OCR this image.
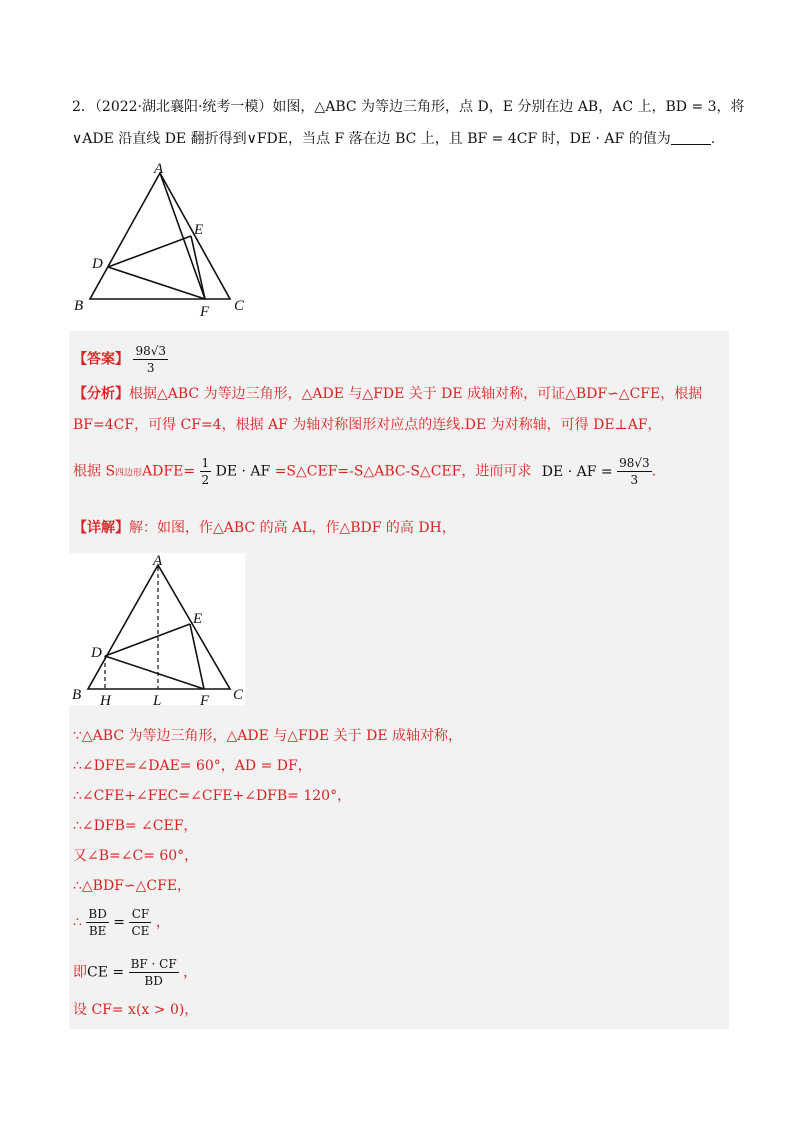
2．（2022·湖北襄阳·统考一模）如图，△ABC 为等边三角形，点 D，E 分别在边 AB，AC 上，BD = 3，将
∨ADE 沿直线 DE 翻折得到∨FDE，当点 F 落在边 BC 上，且 BF = 4CF 时，DE · AF 的值为	.
A
B	C
D
E
F
【答案】 $\frac{98√3}{3}$
【分析】根据△ABC 为等边三角形，△ADE 与△FDE 关于 DE 成轴对称，可证△BDF∽△CFE，根据
BF=4CF，可得 CF=4，根据 AF 为轴对称图形对应点的连线.DE 为对称轴，可得 DE⊥AF，
根据 S四边形ADFE= $\frac{1}{2}$ DE · AF =S△CEF=-S△ABC-S△CEF，进而可求 DE · AF = $\frac{98√3}{3}$ .
【详解】解：如图，作△ABC 的高 AL，作△BDF 的高 DH，
A
B	C
D
E
F
H	L
∵△ABC 为等边三角形，△ADE 与△FDE 关于 DE 成轴对称，
∴∠DFE=∠DAE= 60°，AD = DF，
∴∠CFE+∠FEC=∠CFE+∠DFB= 120°，
∴∠DFB= ∠CEF，
又∠B=∠C= 60°，
∴△BDF∽△CFE，
∴ $\frac{BD}{BE} = \frac{CF}{CE}$ ，
即CE = $\frac{BF \cdot CF}{BD}$ ，
设 CF= x(x > 0)，
